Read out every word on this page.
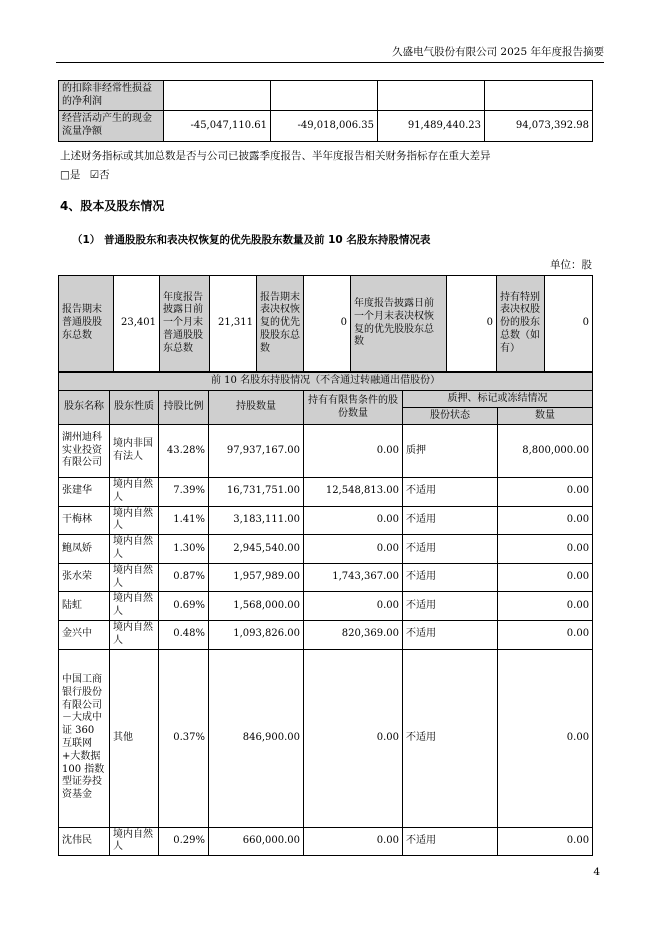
久盛电气股份有限公司 2025 年年度报告摘要
的扣除非经常性损益的净利润				
经营活动产生的现金流量净额	-45,047,110.61	-49,018,006.35	91,489,440.23	94,073,392.98
上述财务指标或其加总数是否与公司已披露季度报告、半年度报告相关财务指标存在重大差异
□是 ☑否
4、股本及股东情况
（1） 普通股股东和表决权恢复的优先股股东数量及前 10 名股东持股情况表
单位：股
报告期末普通股股东总数	23,401	年度报告披露日前一个月末普通股股东总数	21,311	报告期末表决权恢复的优先股股东总数	0	年度报告披露日前一个月末表决权恢复的优先股股东总数	0	持有特别表决权股份的股东总数（如有）	0
前 10 名股东持股情况（不含通过转融通出借股份）						
股东名称	股东性质	持股比例	持股数量	持有有限售条件的股份数量	质押、标记或冻结情况	
					股份状态	数量
湖州迪科实业投资有限公司	境内非国有法人	43.28%	97,937,167.00	0.00	质押	8,800,000.00
张建华	境内自然人	7.39%	16,731,751.00	12,548,813.00	不适用	0.00
干梅林	境内自然人	1.41%	3,183,111.00	0.00	不适用	0.00
鲍凤娇	境内自然人	1.30%	2,945,540.00	0.00	不适用	0.00
张水荣	境内自然人	0.87%	1,957,989.00	1,743,367.00	不适用	0.00
陆虹	境内自然人	0.69%	1,568,000.00	0.00	不适用	0.00
金兴中	境内自然人	0.48%	1,093,826.00	820,369.00	不适用	0.00
中国工商银行股份有限公司－大成中证 360 互联网+大数据 100 指数型证券投资基金	其他	0.37%	846,900.00	0.00	不适用	0.00
沈伟民	境内自然人	0.29%	660,000.00	0.00	不适用	0.00
4
